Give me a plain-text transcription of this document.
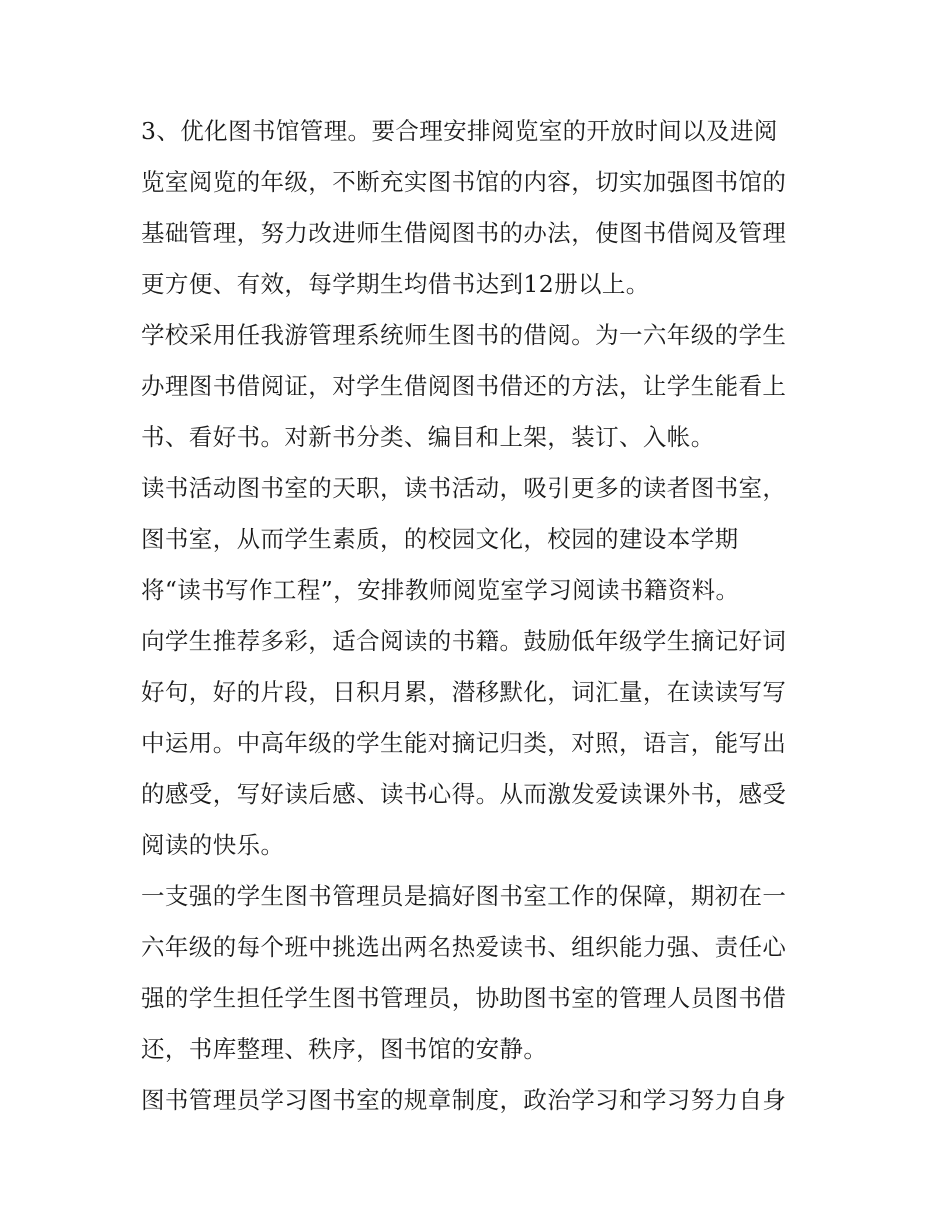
3、优化图书馆管理。要合理安排阅览室的开放时间以及进阅
览室阅览的年级，不断充实图书馆的内容，切实加强图书馆的
基础管理，努力改进师生借阅图书的办法，使图书借阅及管理
更方便、有效，每学期生均借书达到12册以上。
学校采用任我游管理系统师生图书的借阅。为一六年级的学生
办理图书借阅证，对学生借阅图书借还的方法，让学生能看上
书、看好书。对新书分类、编目和上架，装订、入帐。
读书活动图书室的天职，读书活动，吸引更多的读者图书室，
图书室，从而学生素质，的校园文化，校园的建设本学期
将“读书写作工程”，安排教师阅览室学习阅读书籍资料。
向学生推荐多彩，适合阅读的书籍。鼓励低年级学生摘记好词
好句，好的片段，日积月累，潜移默化，词汇量，在读读写写
中运用。中高年级的学生能对摘记归类，对照，语言，能写出
的感受，写好读后感、读书心得。从而激发爱读课外书，感受
阅读的快乐。
一支强的学生图书管理员是搞好图书室工作的保障，期初在一
六年级的每个班中挑选出两名热爱读书、组织能力强、责任心
强的学生担任学生图书管理员，协助图书室的管理人员图书借
还，书库整理、秩序，图书馆的安静。
图书管理员学习图书室的规章制度，政治学习和学习努力自身
